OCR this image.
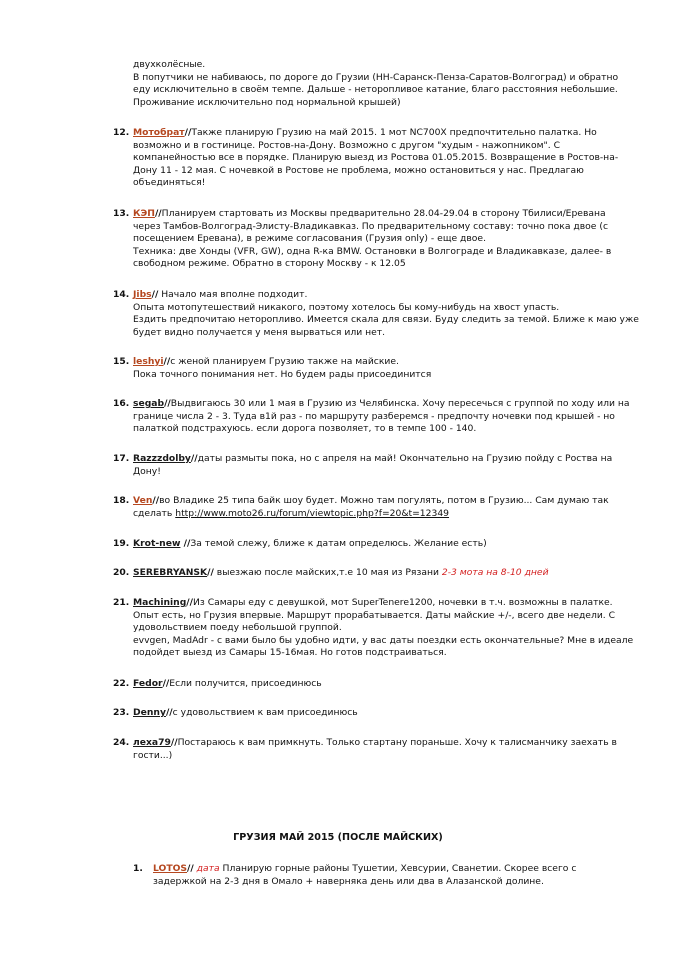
двухколёсные.
В попутчики не набиваюсь, по дороге до Грузии (НН-Саранск-Пенза-Саратов-Волгоград) и обратно
еду исключительно в своём темпе. Дальше - неторопливое катание, благо расстояния небольшие.
Проживание исключительно под нормальной крышей)
12. Мотобрат//Также планирую Грузию на май 2015. 1 мот NC700X предпочтительно палатка. Но
возможно и в гостинице. Ростов-на-Дону. Возможно с другом "худым - нажопником". С
компанейностью все в порядке. Планирую выезд из Ростова 01.05.2015. Возвращение в Ростов-на-
Дону 11 - 12 мая. С ночевкой в Ростове не проблема, можно остановиться у нас. Предлагаю
объединяться!
13. КЭП//Планируем стартовать из Москвы предварительно 28.04-29.04 в сторону Тбилиси/Еревана
через Тамбов-Волгоград-Элисту-Владикавказ. По предварительному составу: точно пока двое (с
посещением Еревана), в режиме согласования (Грузия only) - еще двое.
Техника: две Хонды (VFR, GW), одна R-ка BMW. Остановки в Волгограде и Владикавказе, далее- в
свободном режиме. Обратно в сторону Москву - к 12.05
14. Jibs// Начало мая вполне подходит.
Опыта мотопутешествий никакого, поэтому хотелось бы кому-нибудь на хвост упасть.
Ездить предпочитаю неторопливо. Имеется скала для связи. Буду следить за темой. Ближе к маю уже
будет видно получается у меня вырваться или нет.
15. leshyi//с женой планируем Грузию также на майские.
Пока точного понимания нет. Но будем рады присоединится
16. segab//Выдвигаюсь 30 или 1 мая в Грузию из Челябинска. Хочу пересечься с группой по ходу или на
границе числа 2 - 3. Туда в1й раз - по маршруту разберемся - предпочту ночевки под крышей - но
палаткой подстрахуюсь. если дорога позволяет, то в темпе 100 - 140.
17. Razzzdolby//даты размыты пока, но с апреля на май! Окончательно на Грузию пойду с Роства на
Дону!
18. Ven//во Владике 25 типа байк шоу будет. Можно там погулять, потом в Грузию... Сам думаю так
сделать http://www.moto26.ru/forum/viewtopic.php?f=20&t=12349
19. Krot-new //За темой слежу, ближе к датам определюсь. Желание есть)
20. SEREBRYANSK// выезжаю после майских,т.е 10 мая из Рязани 2-3 мота на 8-10 дней
21. Machining//Из Самары еду с девушкой, мот SuperTenere1200, ночевки в т.ч. возможны в палатке.
Опыт есть, но Грузия впервые. Маршрут прорабатывается. Даты майские +/-, всего две недели. С
удовольствием поеду небольшой группой.
evvgen, MadAdr - с вами было бы удобно идти, у вас даты поездки есть окончательные? Мне в идеале
подойдет выезд из Самары 15-16мая. Но готов подстраиваться.
22. Fedor//Если получится, присоединюсь
23. Denny//с удовольствием к вам присоединюсь
24. леха79//Постараюсь к вам примкнуть. Только стартану пораньше. Хочу к талисманчику заехать в
гости...)
ГРУЗИЯ МАЙ 2015 (ПОСЛЕ МАЙСКИХ)
1.	LOTOS// дата Планирую горные районы Тушетии, Хевсурии, Сванетии. Скорее всего с
задержкой на 2-3 дня в Омало + наверняка день или два в Алазанской долине.
